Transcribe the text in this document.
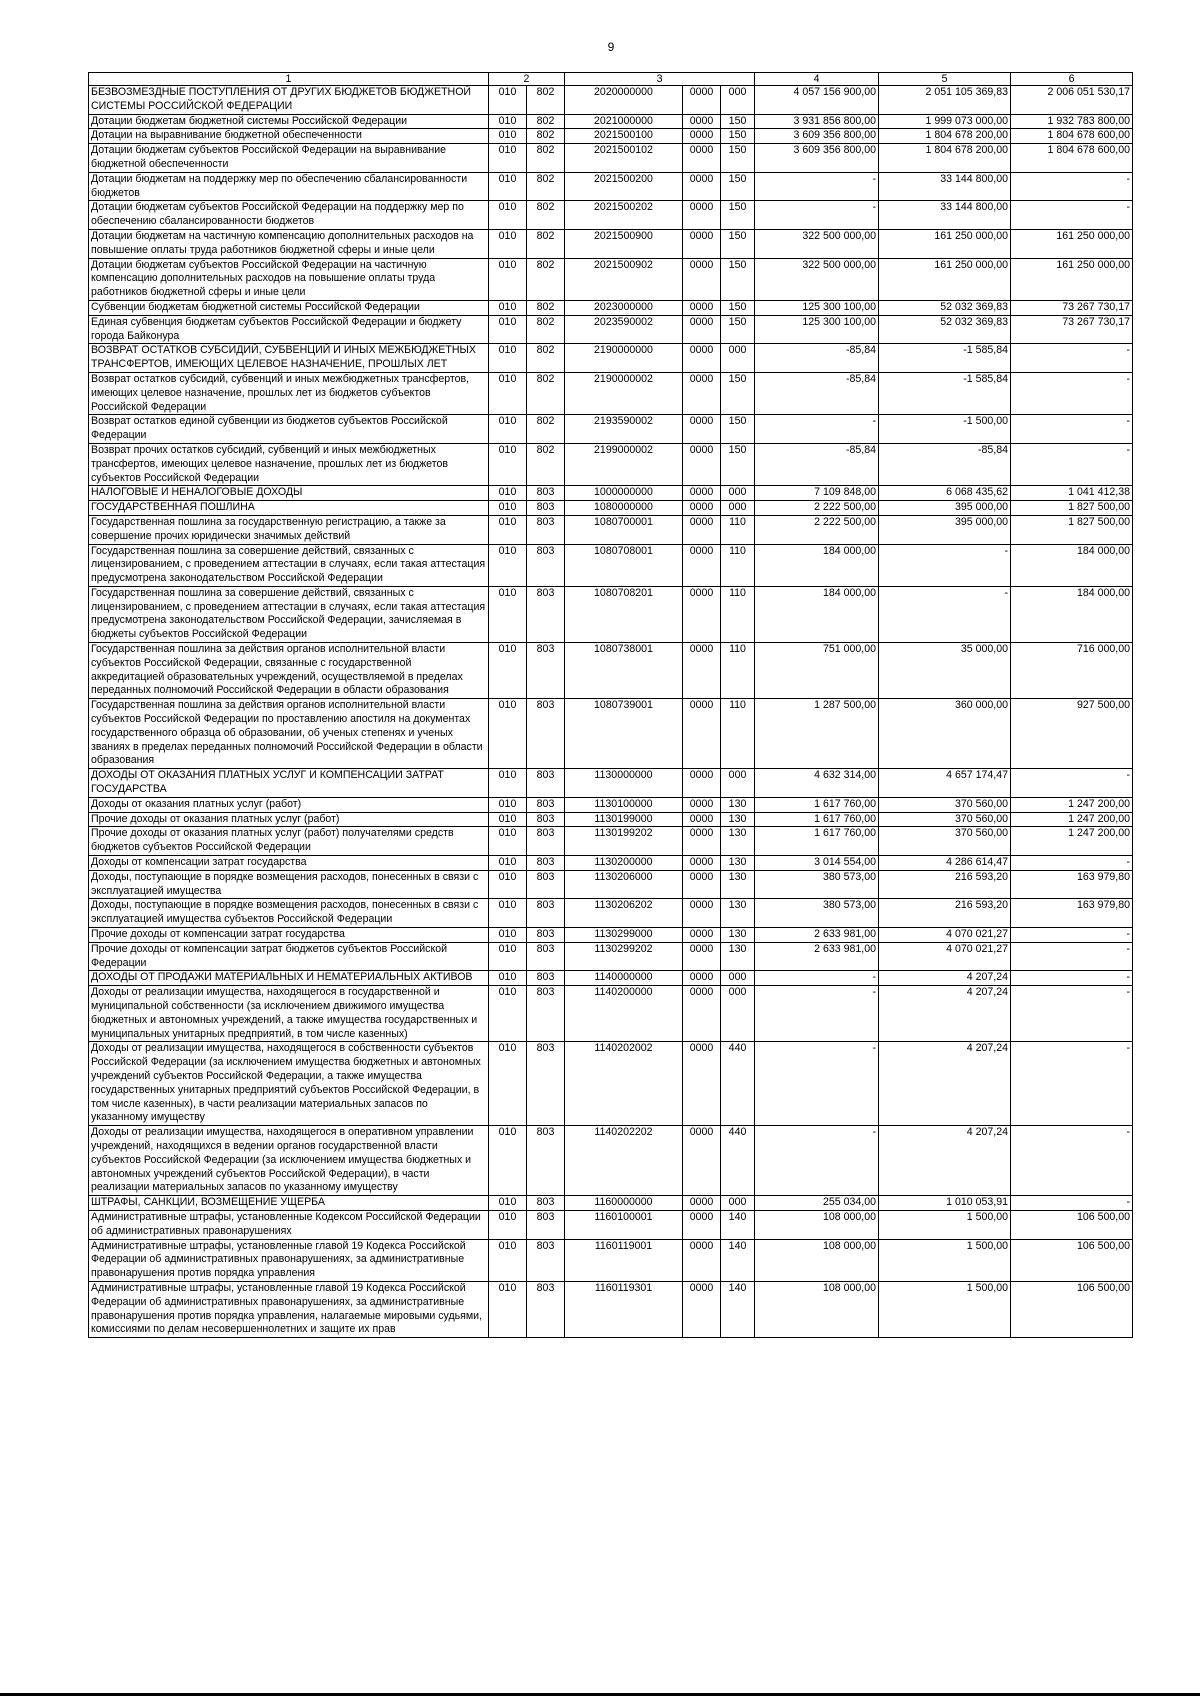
9
1	2		3			4	5	6
БЕЗВОЗМЕЗДНЫЕ ПОСТУПЛЕНИЯ ОТ ДРУГИХ БЮДЖЕТОВ БЮДЖЕТНОЙ СИСТЕМЫ РОССИЙСКОЙ ФЕДЕРАЦИИ	010	802	2020000000	0000	000	4 057 156 900,00	2 051 105 369,83	2 006 051 530,17
Дотации бюджетам бюджетной системы Российской Федерации	010	802	2021000000	0000	150	3 931 856 800,00	1 999 073 000,00	1 932 783 800,00
Дотации на выравнивание бюджетной обеспеченности	010	802	2021500100	0000	150	3 609 356 800,00	1 804 678 200,00	1 804 678 600,00
Дотации бюджетам субъектов Российской Федерации на выравнивание бюджетной обеспеченности	010	802	2021500102	0000	150	3 609 356 800,00	1 804 678 200,00	1 804 678 600,00
Дотации бюджетам на поддержку мер по обеспечению сбалансированности бюджетов	010	802	2021500200	0000	150	-	33 144 800,00	-
Дотации бюджетам субъектов Российской Федерации на поддержку мер по обеспечению сбалансированности бюджетов	010	802	2021500202	0000	150	-	33 144 800,00	-
Дотации бюджетам на частичную компенсацию дополнительных расходов на повышение оплаты труда работников бюджетной сферы и иные цели	010	802	2021500900	0000	150	322 500 000,00	161 250 000,00	161 250 000,00
Дотации бюджетам субъектов Российской Федерации на частичную компенсацию дополнительных расходов на повышение оплаты труда работников бюджетной сферы и иные цели	010	802	2021500902	0000	150	322 500 000,00	161 250 000,00	161 250 000,00
Субвенции бюджетам бюджетной системы Российской Федерации	010	802	2023000000	0000	150	125 300 100,00	52 032 369,83	73 267 730,17
Единая субвенция бюджетам субъектов Российской Федерации и бюджету города Байконура	010	802	2023590002	0000	150	125 300 100,00	52 032 369,83	73 267 730,17
ВОЗВРАТ ОСТАТКОВ СУБСИДИЙ, СУБВЕНЦИЙ И ИНЫХ МЕЖБЮДЖЕТНЫХ ТРАНСФЕРТОВ, ИМЕЮЩИХ ЦЕЛЕВОЕ НАЗНАЧЕНИЕ, ПРОШЛЫХ ЛЕТ	010	802	2190000000	0000	000	-85,84	-1 585,84	-
Возврат остатков субсидий, субвенций и иных межбюджетных трансфертов, имеющих целевое назначение, прошлых лет из бюджетов субъектов Российской Федерации	010	802	2190000002	0000	150	-85,84	-1 585,84	-
Возврат остатков единой субвенции из бюджетов субъектов Российской Федерации	010	802	2193590002	0000	150	-	-1 500,00	-
Возврат прочих остатков субсидий, субвенций и иных межбюджетных трансфертов, имеющих целевое назначение, прошлых лет из бюджетов субъектов Российской Федерации	010	802	2199000002	0000	150	-85,84	-85,84	-
НАЛОГОВЫЕ И НЕНАЛОГОВЫЕ ДОХОДЫ	010	803	1000000000	0000	000	7 109 848,00	6 068 435,62	1 041 412,38
ГОСУДАРСТВЕННАЯ ПОШЛИНА	010	803	1080000000	0000	000	2 222 500,00	395 000,00	1 827 500,00
Государственная пошлина за государственную регистрацию, а также за совершение прочих юридически значимых действий	010	803	1080700001	0000	110	2 222 500,00	395 000,00	1 827 500,00
Государственная пошлина за совершение действий, связанных с лицензированием, с проведением аттестации в случаях, если такая аттестация предусмотрена законодательством Российской Федерации	010	803	1080708001	0000	110	184 000,00	-	184 000,00
Государственная пошлина за совершение действий, связанных с лицензированием, с проведением аттестации в случаях, если такая аттестация предусмотрена законодательством Российской Федерации, зачисляемая в бюджеты субъектов Российской Федерации	010	803	1080708201	0000	110	184 000,00	-	184 000,00
Государственная пошлина за действия органов исполнительной власти субъектов Российской Федерации, связанные с государственной аккредитацией образовательных учреждений, осуществляемой в пределах переданных полномочий Российской Федерации в области образования	010	803	1080738001	0000	110	751 000,00	35 000,00	716 000,00
Государственная пошлина за действия органов исполнительной власти субъектов Российской Федерации по проставлению апостиля на документах государственного образца об образовании, об ученых степенях и ученых званиях в пределах переданных полномочий Российской Федерации в области образования	010	803	1080739001	0000	110	1 287 500,00	360 000,00	927 500,00
ДОХОДЫ ОТ ОКАЗАНИЯ ПЛАТНЫХ УСЛУГ И КОМПЕНСАЦИИ ЗАТРАТ ГОСУДАРСТВА	010	803	1130000000	0000	000	4 632 314,00	4 657 174,47	-
Доходы от оказания платных услуг (работ)	010	803	1130100000	0000	130	1 617 760,00	370 560,00	1 247 200,00
Прочие доходы от оказания платных услуг (работ)	010	803	1130199000	0000	130	1 617 760,00	370 560,00	1 247 200,00
Прочие доходы от оказания платных услуг (работ) получателями средств бюджетов субъектов Российской Федерации	010	803	1130199202	0000	130	1 617 760,00	370 560,00	1 247 200,00
Доходы от компенсации затрат государства	010	803	1130200000	0000	130	3 014 554,00	4 286 614,47	-
Доходы, поступающие в порядке возмещения расходов, понесенных в связи с эксплуатацией имущества	010	803	1130206000	0000	130	380 573,00	216 593,20	163 979,80
Доходы, поступающие в порядке возмещения расходов, понесенных в связи с эксплуатацией имущества субъектов Российской Федерации	010	803	1130206202	0000	130	380 573,00	216 593,20	163 979,80
Прочие доходы от компенсации затрат государства	010	803	1130299000	0000	130	2 633 981,00	4 070 021,27	-
Прочие доходы от компенсации затрат бюджетов субъектов Российской Федерации	010	803	1130299202	0000	130	2 633 981,00	4 070 021,27	-
ДОХОДЫ ОТ ПРОДАЖИ МАТЕРИАЛЬНЫХ И НЕМАТЕРИАЛЬНЫХ АКТИВОВ	010	803	1140000000	0000	000	-	4 207,24	-
Доходы от реализации имущества, находящегося в государственной и муниципальной собственности (за исключением движимого имущества бюджетных и автономных учреждений, а также имущества государственных и муниципальных унитарных предприятий, в том числе казенных)	010	803	1140200000	0000	000	-	4 207,24	-
Доходы от реализации имущества, находящегося в собственности субъектов Российской Федерации (за исключением имущества бюджетных и автономных учреждений субъектов Российской Федерации, а также имущества государственных унитарных предприятий субъектов Российской Федерации, в том числе казенных), в части реализации материальных запасов по указанному имуществу	010	803	1140202002	0000	440	-	4 207,24	-
Доходы от реализации имущества, находящегося в оперативном управлении учреждений, находящихся в ведении органов государственной власти субъектов Российской Федерации (за исключением имущества бюджетных и автономных учреждений субъектов Российской Федерации), в части реализации материальных запасов по указанному имуществу	010	803	1140202202	0000	440	-	4 207,24	-
ШТРАФЫ, САНКЦИИ, ВОЗМЕЩЕНИЕ УЩЕРБА	010	803	1160000000	0000	000	255 034,00	1 010 053,91	-
Административные штрафы, установленные Кодексом Российской Федерации об административных правонарушениях	010	803	1160100001	0000	140	108 000,00	1 500,00	106 500,00
Административные штрафы, установленные главой 19 Кодекса Российской Федерации об административных правонарушениях, за административные правонарушения против порядка управления	010	803	1160119001	0000	140	108 000,00	1 500,00	106 500,00
Административные штрафы, установленные главой 19 Кодекса Российской Федерации об административных правонарушениях, за административные правонарушения против порядка управления, налагаемые мировыми судьями, комиссиями по делам несовершеннолетних и защите их прав	010	803	1160119301	0000	140	108 000,00	1 500,00	106 500,00
